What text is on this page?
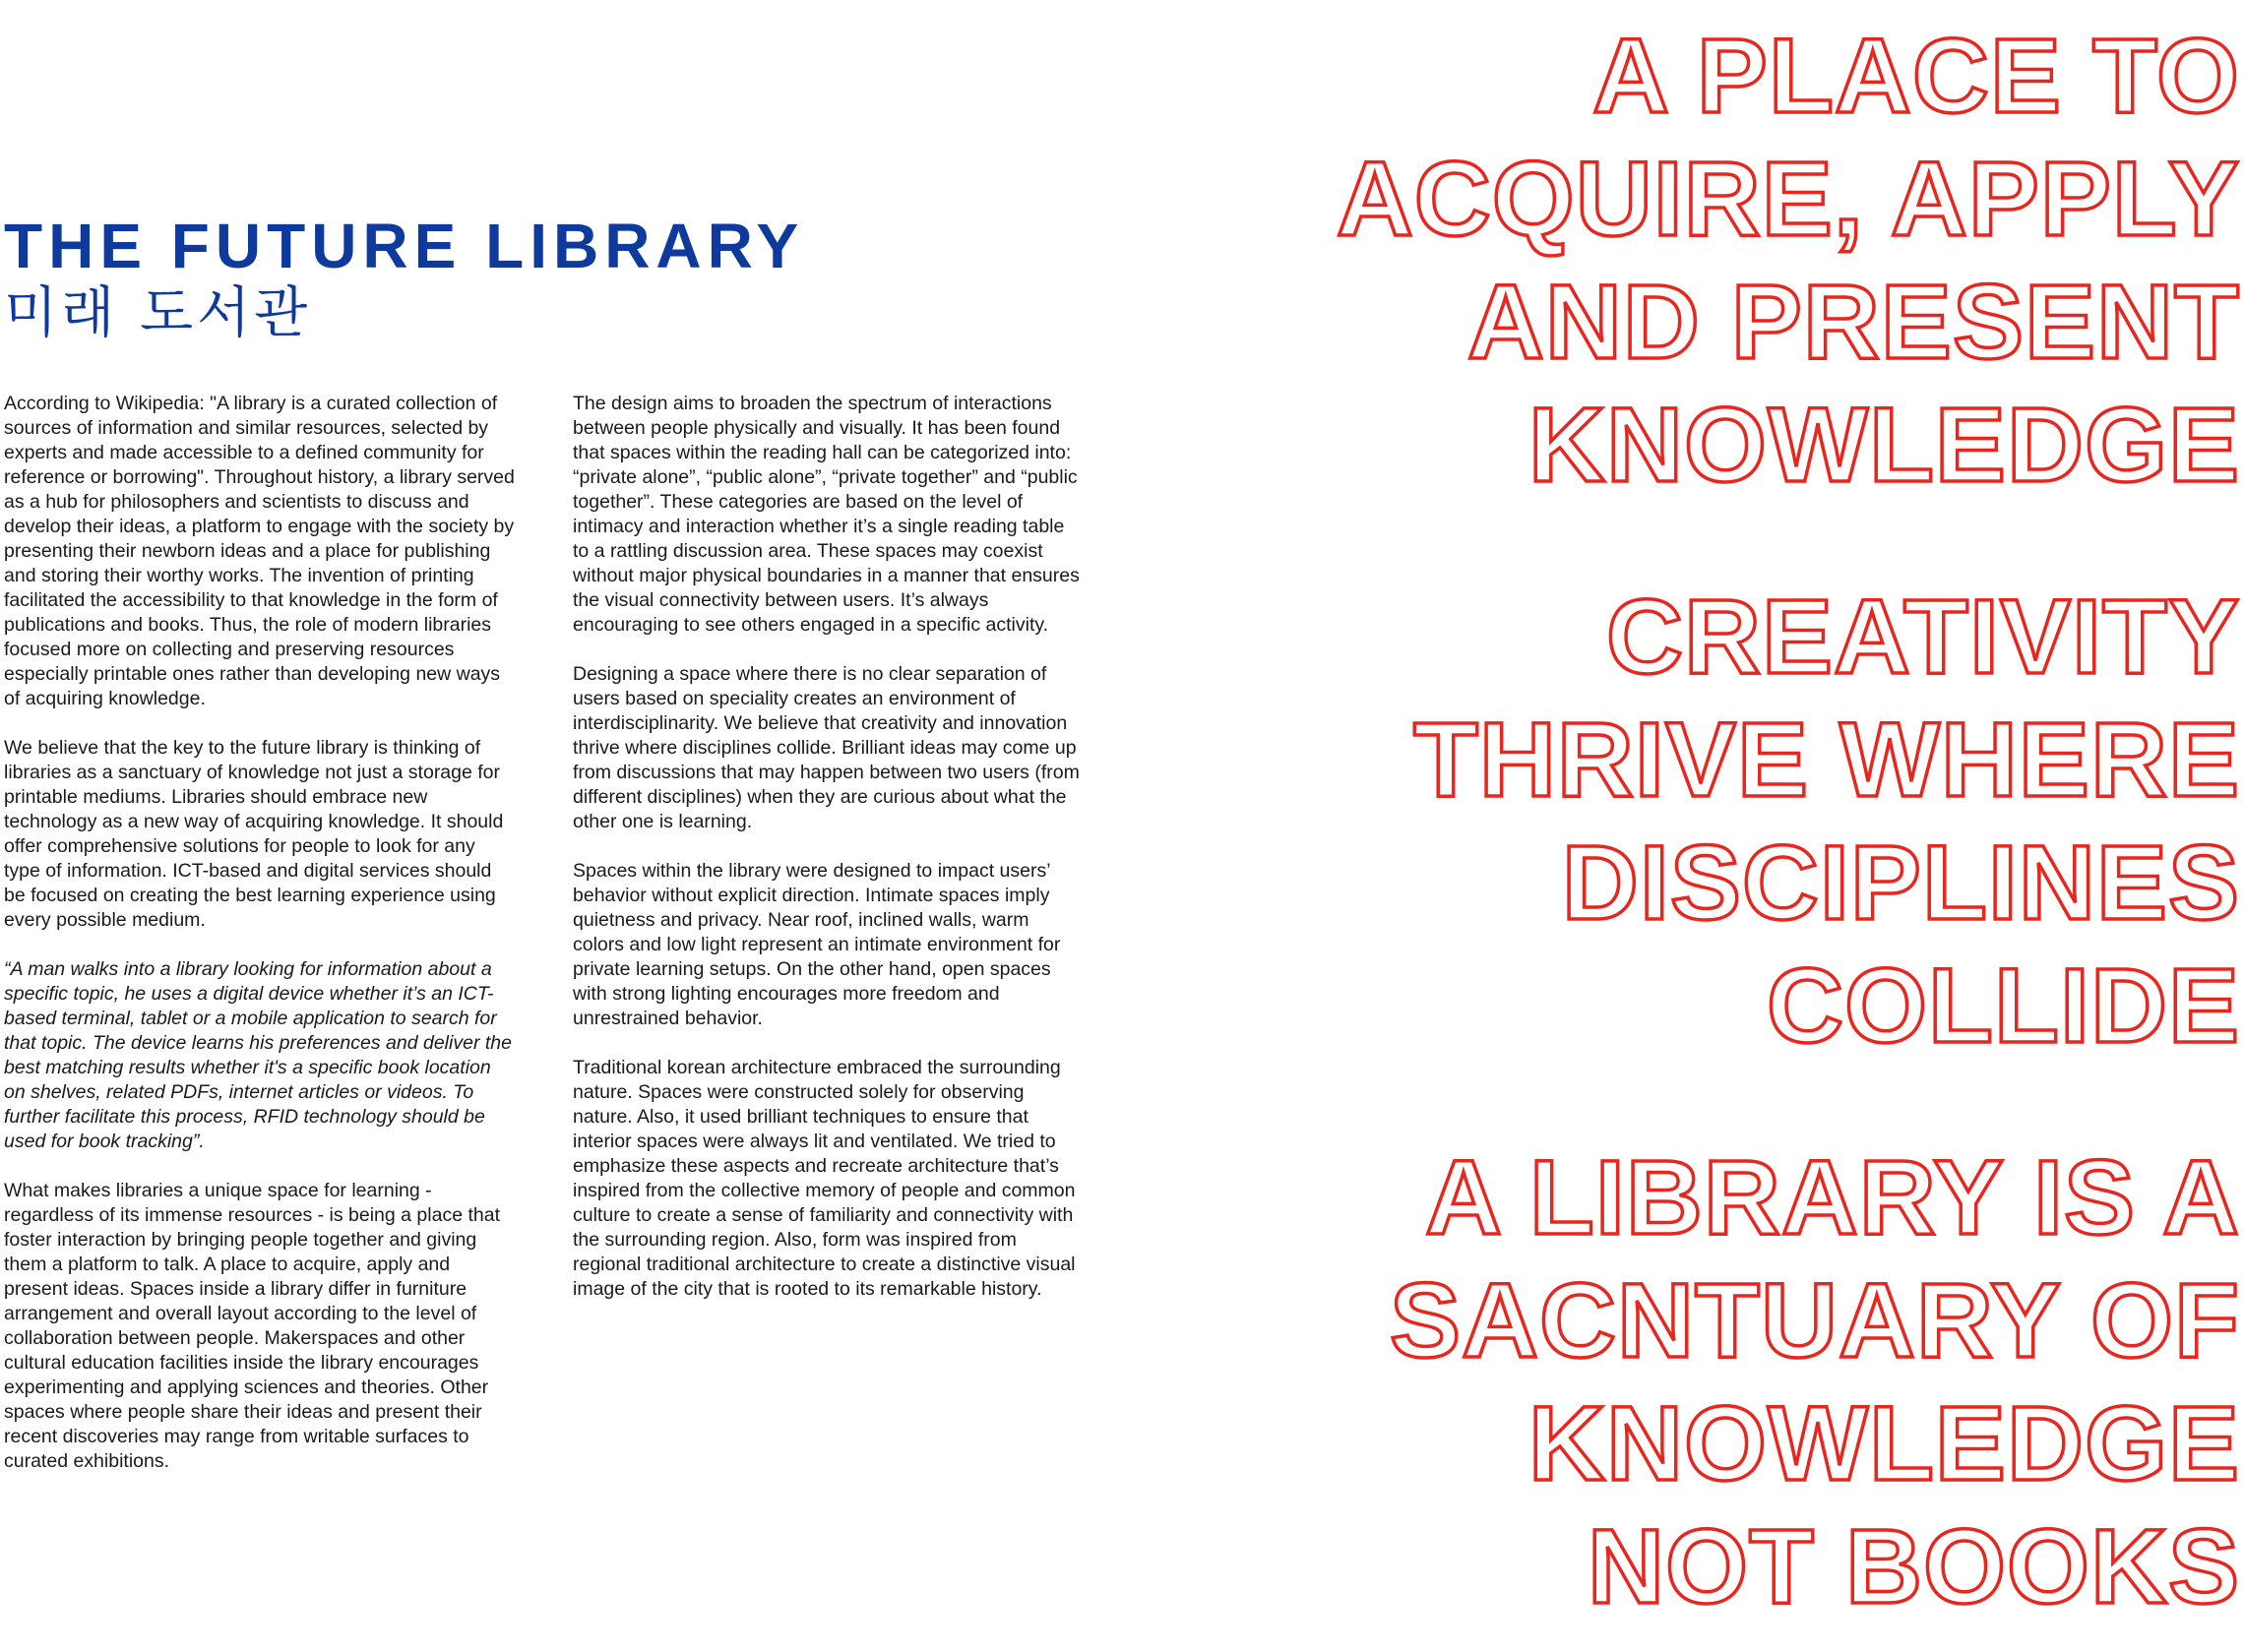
THE FUTURE LIBRARY
미래 도서관

According to Wikipedia: "A library is a curated collection of sources of information and similar resources, selected by experts and made accessible to a defined community for reference or borrowing". Throughout history, a library served as a hub for philosophers and scientists to discuss and develop their ideas, a platform to engage with the society by presenting their newborn ideas and a place for publishing and storing their worthy works. The invention of printing facilitated the accessibility to that knowledge in the form of publications and books. Thus, the role of modern libraries focused more on collecting and preserving resources especially printable ones rather than developing new ways of acquiring knowledge.

We believe that the key to the future library is thinking of libraries as a sanctuary of knowledge not just a storage for printable mediums. Libraries should embrace new technology as a new way of acquiring knowledge. It should offer comprehensive solutions for people to look for any type of information. ICT-based and digital services should be focused on creating the best learning experience using every possible medium.

“A man walks into a library looking for information about a specific topic, he uses a digital device whether it’s an ICT-based terminal, tablet or a mobile application to search for that topic. The device learns his preferences and deliver the best matching results whether it's a specific book location on shelves, related PDFs, internet articles or videos. To further facilitate this process, RFID technology should be used for book tracking”.

What makes libraries a unique space for learning - regardless of its immense resources - is being a place that foster interaction by bringing people together and giving them a platform to talk. A place to acquire, apply and present ideas. Spaces inside a library differ in furniture arrangement and overall layout according to the level of collaboration between people. Makerspaces and other cultural education facilities inside the library encourages experimenting and applying sciences and theories. Other spaces where people share their ideas and present their recent discoveries may range from writable surfaces to curated exhibitions.

The design aims to broaden the spectrum of interactions between people physically and visually. It has been found that spaces within the reading hall can be categorized into: “private alone”, “public alone”, “private together” and “public together”. These categories are based on the level of intimacy and interaction whether it’s a single reading table to a rattling discussion area. These spaces may coexist without major physical boundaries in a manner that ensures the visual connectivity between users. It’s always encouraging to see others engaged in a specific activity.

Designing a space where there is no clear separation of users based on speciality creates an environment of interdisciplinarity. We believe that creativity and innovation thrive where disciplines collide. Brilliant ideas may come up from discussions that may happen between two users (from different disciplines) when they are curious about what the other one is learning.

Spaces within the library were designed to impact users’ behavior without explicit direction. Intimate spaces imply quietness and privacy. Near roof, inclined walls, warm colors and low light represent an intimate environment for private learning setups. On the other hand, open spaces with strong lighting encourages more freedom and unrestrained behavior.

Traditional korean architecture embraced the surrounding nature. Spaces were constructed solely for observing nature. Also, it used brilliant techniques to ensure that interior spaces were always lit and ventilated. We tried to emphasize these aspects and recreate architecture that’s inspired from the collective memory of people and common culture to create a sense of familiarity and connectivity with the surrounding region. Also, form was inspired from regional traditional architecture to create a distinctive visual image of the city that is rooted to its remarkable history.

A PLACE TO
ACQUIRE, APPLY
AND PRESENT
KNOWLEDGE
CREATIVITY
THRIVE WHERE
DISCIPLINES
COLLIDE
A LIBRARY IS A
SACNTUARY OF
KNOWLEDGE
NOT BOOKS
